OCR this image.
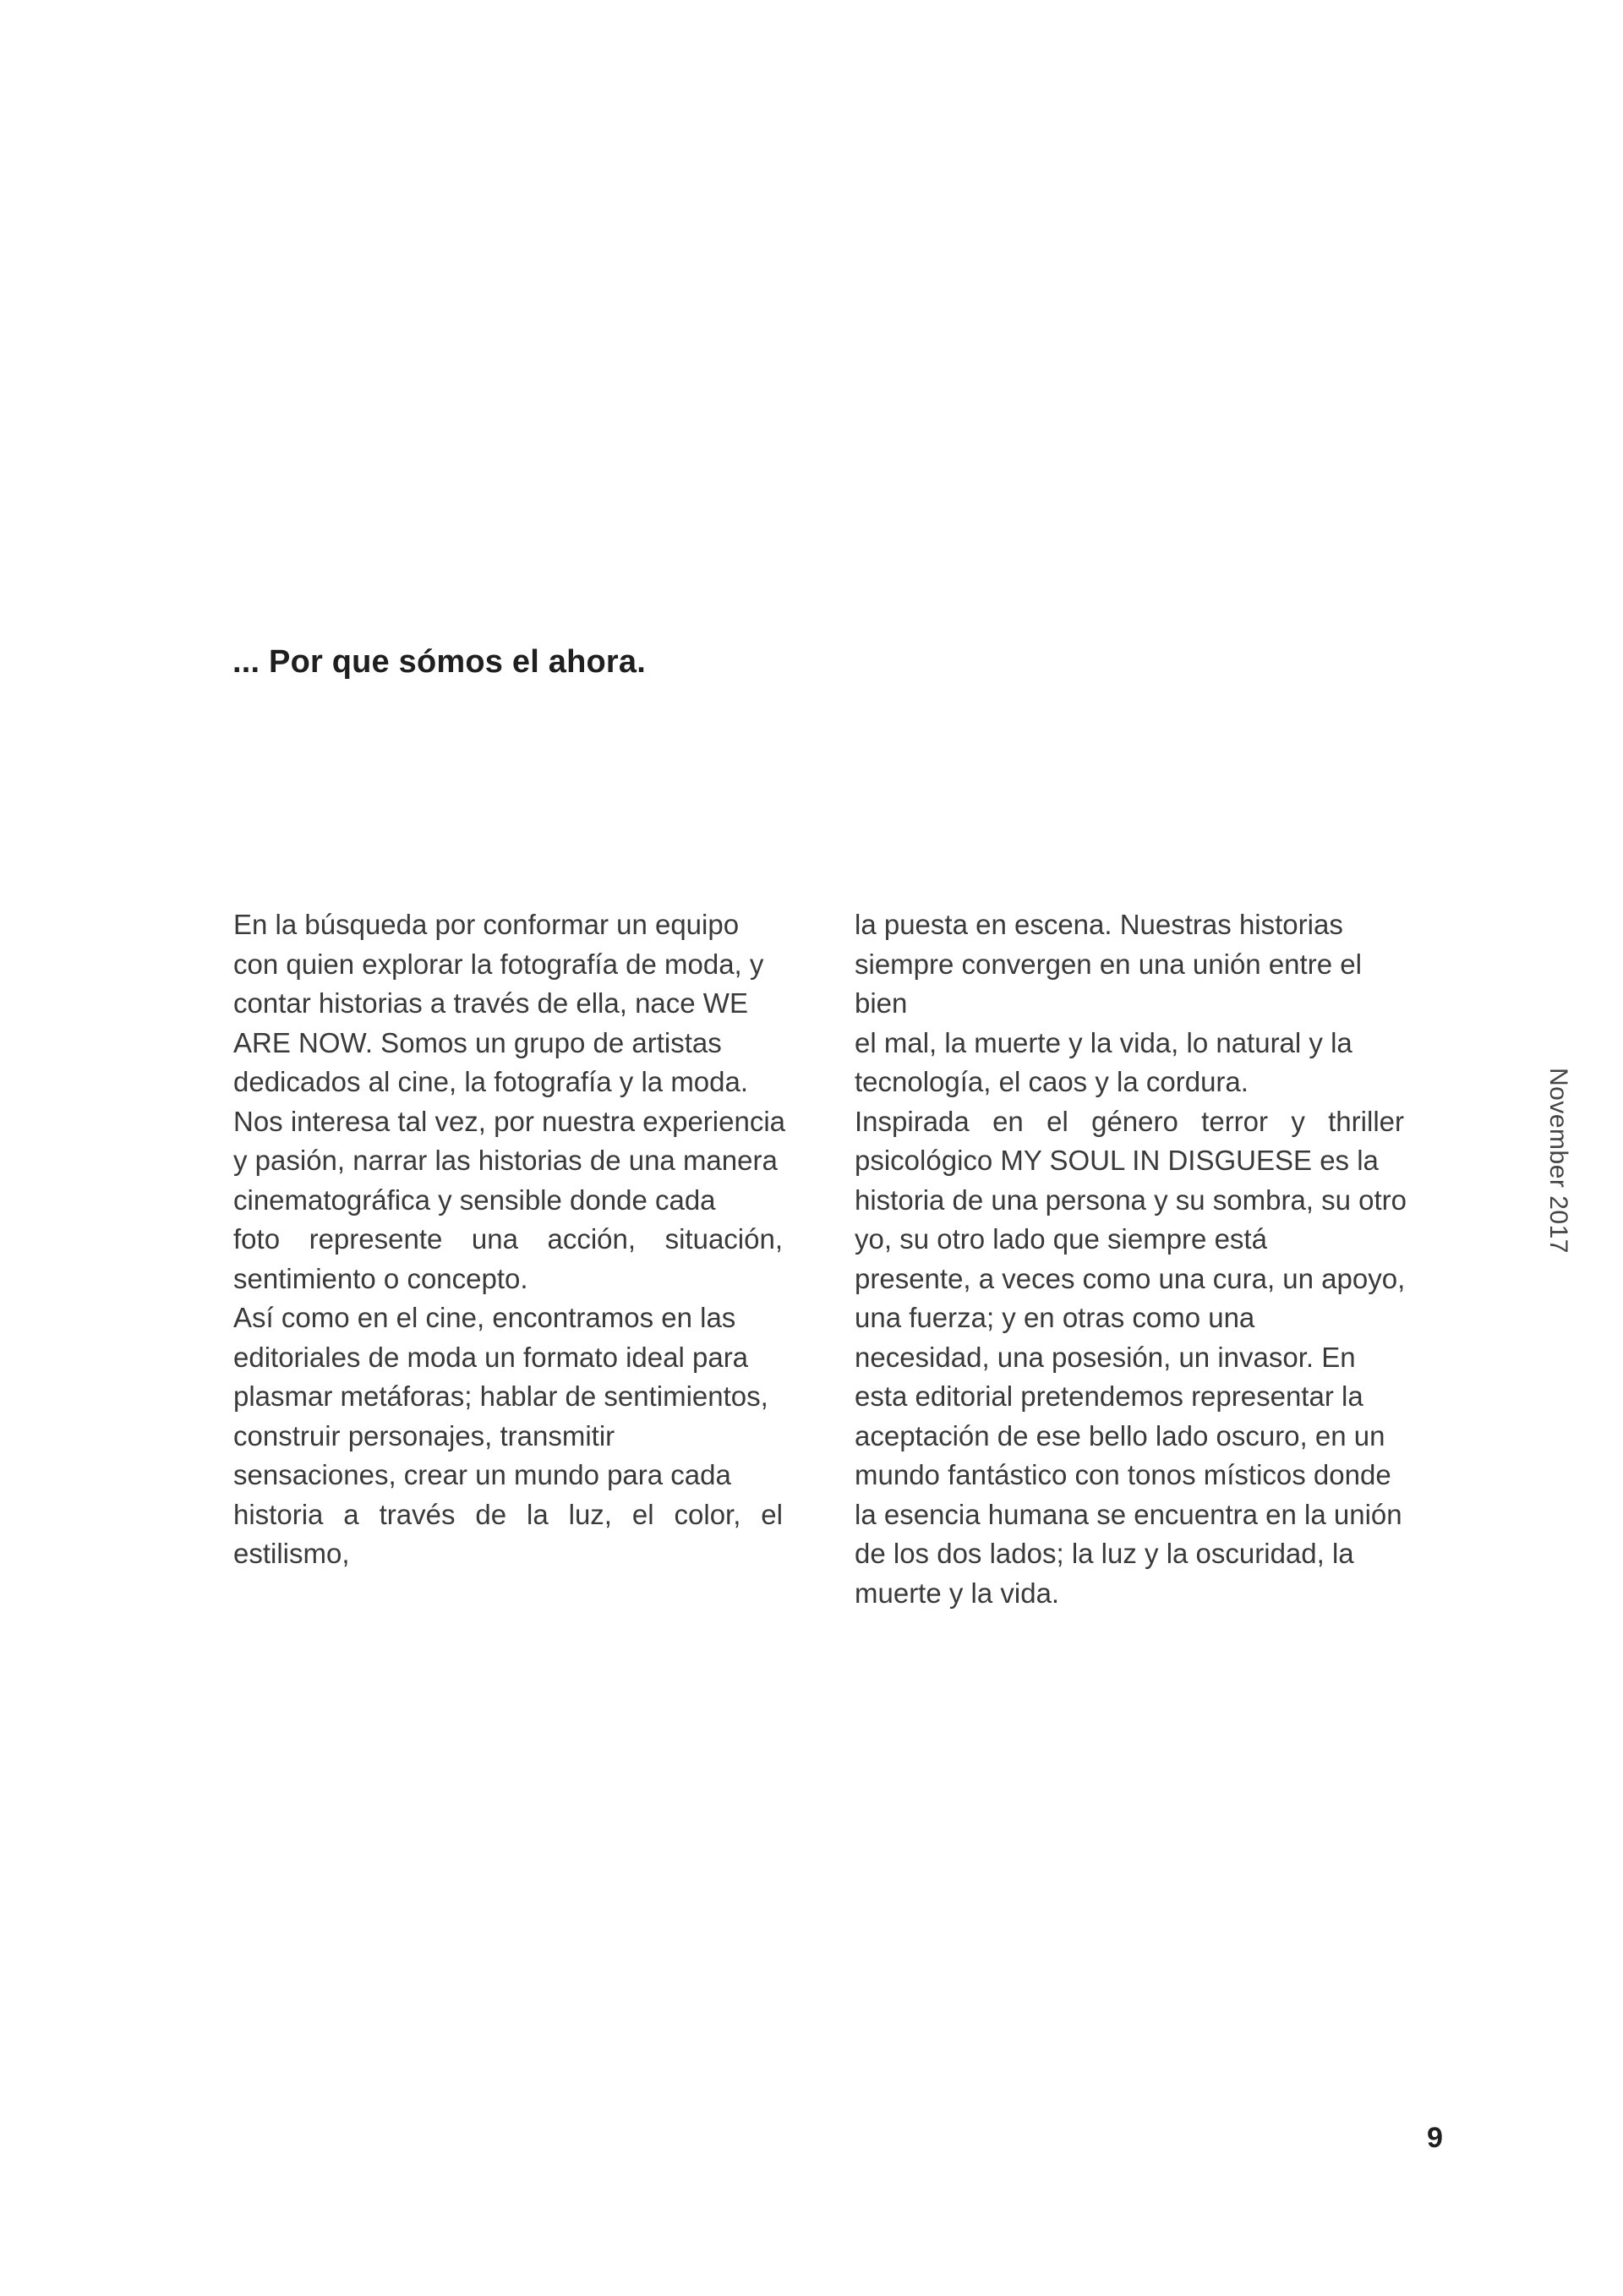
... Por que sómos el ahora.
En la búsqueda por conformar un equipo
con quien explorar la fotografía de moda, y
contar historias a través de ella, nace WE
ARE NOW. Somos un grupo de artistas
dedicados al cine, la fotografía y la moda.
Nos interesa tal vez, por nuestra experiencia
y pasión, narrar las historias de una manera
cinematográfica y sensible donde cada
foto represente una acción, situación,
sentimiento o concepto.
Así como en el cine, encontramos en las
editoriales de moda un formato ideal para
plasmar metáforas; hablar de sentimientos,
construir personajes, transmitir
sensaciones, crear un mundo para cada
historia a través de la luz, el color, el
estilismo,
la puesta en escena. Nuestras historias
siempre convergen en una unión entre el
bien
el mal, la muerte y la vida, lo natural y la
tecnología, el caos y la cordura.
Inspirada en el género terror y thriller
psicológico MY SOUL IN DISGUESE es la
historia de una persona y su sombra, su otro
yo, su otro lado que siempre está
presente, a veces como una cura, un apoyo,
una fuerza; y en otras como una
necesidad, una posesión, un invasor. En
esta editorial pretendemos representar la
aceptación de ese bello lado oscuro, en un
mundo fantástico con tonos místicos donde
la esencia humana se encuentra en la unión
de los dos lados; la luz y la oscuridad, la
muerte y la vida.
November 2017
9
